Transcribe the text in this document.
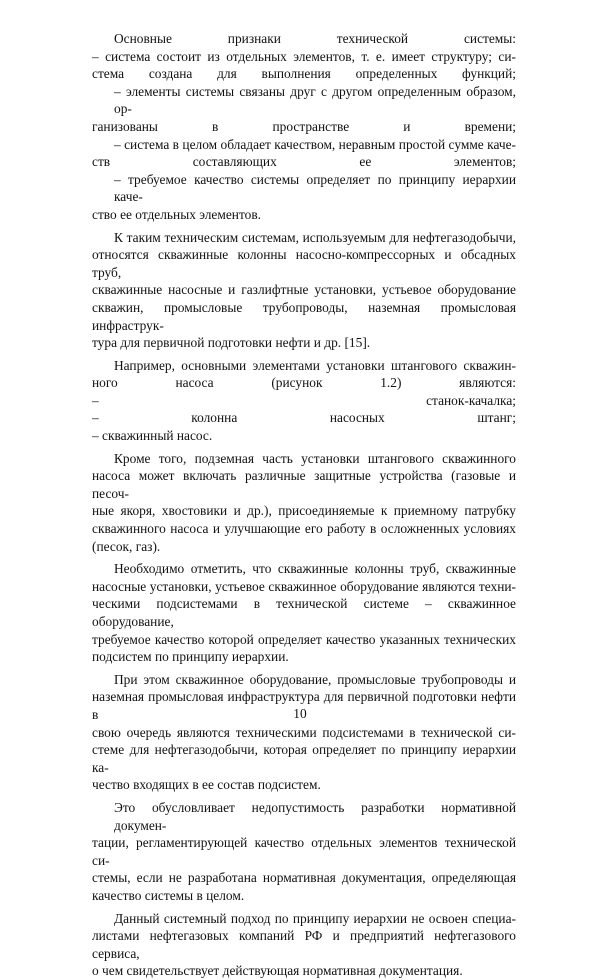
Основные признаки технической системы:
– система состоит из отдельных элементов, т. е. имеет структуру; си-
стема создана для выполнения определенных функций;
– элементы системы связаны друг с другом определенным образом, ор-
ганизованы в пространстве и времени;
– система в целом обладает качеством, неравным простой сумме каче-
ств составляющих ее элементов;
– требуемое качество системы определяет по принципу иерархии каче-
ство ее отдельных элементов.
К таким техническим системам, используемым для нефтегазодобычи,
относятся скважинные колонны насосно-компрессорных и обсадных труб,
скважинные насосные и газлифтные установки, устьевое оборудование
скважин, промысловые трубопроводы, наземная промысловая инфраструк-
тура для первичной подготовки нефти и др. [15].
Например, основными элементами установки штангового скважин-
ного насоса (рисунок 1.2) являются:
– станок-качалка;
– колонна насосных штанг;
– скважинный насос.
Кроме того, подземная часть установки штангового скважинного
насоса может включать различные защитные устройства (газовые и песоч-
ные якоря, хвостовики и др.), присоединяемые к приемному патрубку
скважинного насоса и улучшающие его работу в осложненных условиях
(песок, газ).
Необходимо отметить, что скважинные колонны труб, скважинные
насосные установки, устьевое скважинное оборудование являются техни-
ческими подсистемами в технической системе – скважинное оборудование,
требуемое качество которой определяет качество указанных технических
подсистем по принципу иерархии.
При этом скважинное оборудование, промысловые трубопроводы и
наземная промысловая инфраструктура для первичной подготовки нефти в
свою очередь являются техническими подсистемами в технической си-
стеме для нефтегазодобычи, которая определяет по принципу иерархии ка-
чество входящих в ее состав подсистем.
Это обусловливает недопустимость разработки нормативной докумен-
тации, регламентирующей качество отдельных элементов технической си-
стемы, если не разработана нормативная документация, определяющая
качество системы в целом.
Данный системный подход по принципу иерархии не освоен специа-
листами нефтегазовых компаний РФ и предприятий нефтегазового сервиса,
о чем свидетельствует действующая нормативная документация.
10
